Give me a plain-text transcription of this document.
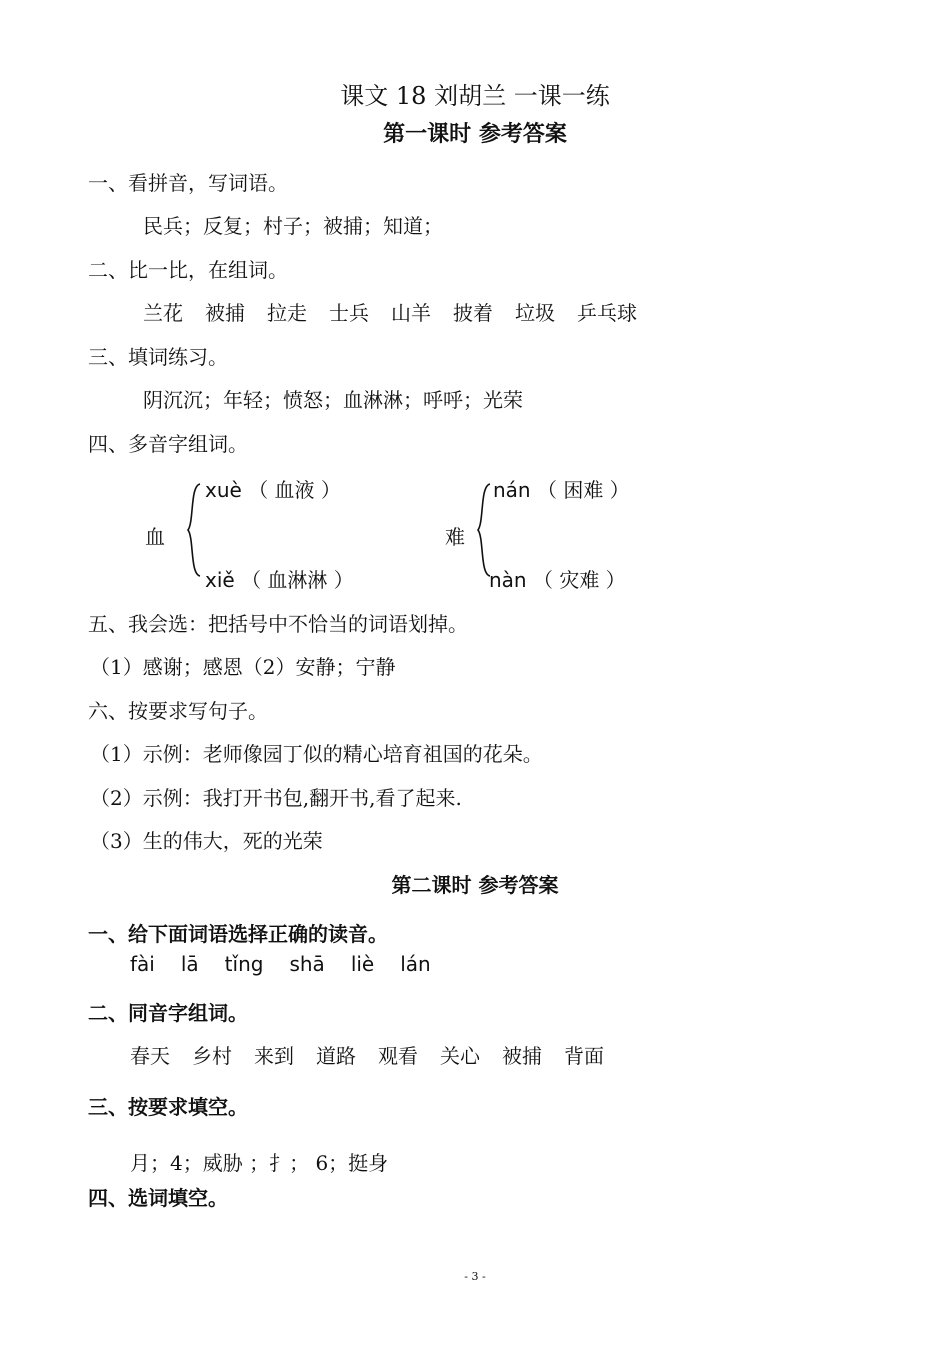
课文 18 刘胡兰 一课一练
第一课时 参考答案
一、看拼音，写词语。
民兵；反复；村子；被捕；知道；
二、比一比，在组词。
兰花 被捕 拉走 士兵 山羊 披着 垃圾 乒乓球
三、填词练习。
阴沉沉；年轻；愤怒；血淋淋；呼呼；光荣
四、多音字组词。
血
xuè （ 血液 ）
xiě （ 血淋淋 ）
难
nán （ 困难 ）
nàn （ 灾难 ）
五、我会选：把括号中不恰当的词语划掉。
（1）感谢；感恩（2）安静；宁静
六、按要求写句子。
（1）示例：老师像园丁似的精心培育祖国的花朵。
（2）示例：我打开书包,翻开书,看了起来.
（3）生的伟大，死的光荣
第二课时 参考答案
一、给下面词语选择正确的读音。
fài lā tǐng shā liè lán
二、同音字组词。
春天 乡村 来到 道路 观看 关心 被捕 背面
三、按要求填空。
月；4；威胁 ；扌； 6；挺身
四、选词填空。
- 3 -
